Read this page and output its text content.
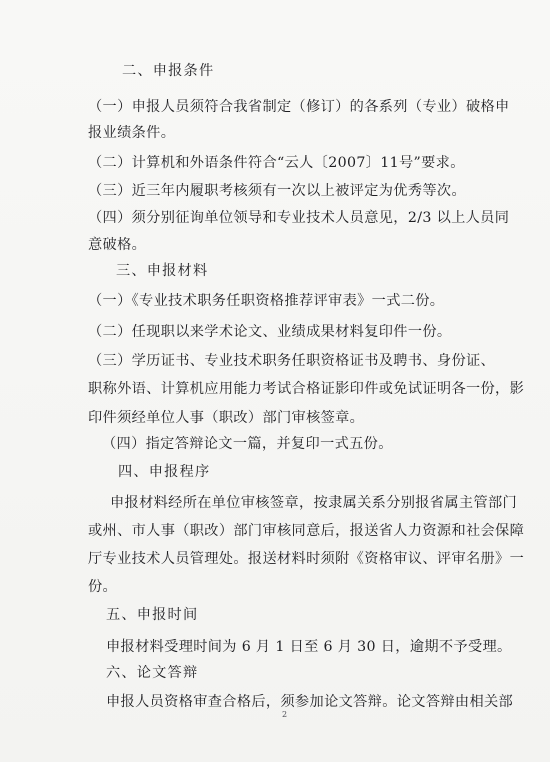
二、申报条件
（一）申报人员须符合我省制定（修订）的各系列（专业）破格申
报业绩条件。
（二）计算机和外语条件符合“云人〔2007〕11号”要求。
（三）近三年内履职考核须有一次以上被评定为优秀等次。
（四）须分别征询单位领导和专业技术人员意见，2/3 以上人员同
意破格。
三、申报材料
（一）《专业技术职务任职资格推荐评审表》一式二份。
（二）任现职以来学术论文、业绩成果材料复印件一份。
（三）学历证书、专业技术职务任职资格证书及聘书、身份证、
职称外语、计算机应用能力考试合格证影印件或免试证明各一份，影
印件须经单位人事（职改）部门审核签章。
（四）指定答辩论文一篇，并复印一式五份。
四、申报程序
申报材料经所在单位审核签章，按隶属关系分别报省属主管部门
或州、市人事（职改）部门审核同意后，报送省人力资源和社会保障
厅专业技术人员管理处。报送材料时须附《资格审议、评审名册》一
份。
五、申报时间
申报材料受理时间为 6 月 1 日至 6 月 30 日，逾期不予受理。
六、论文答辩
申报人员资格审查合格后，须参加论文答辩。论文答辩由相关部
2
